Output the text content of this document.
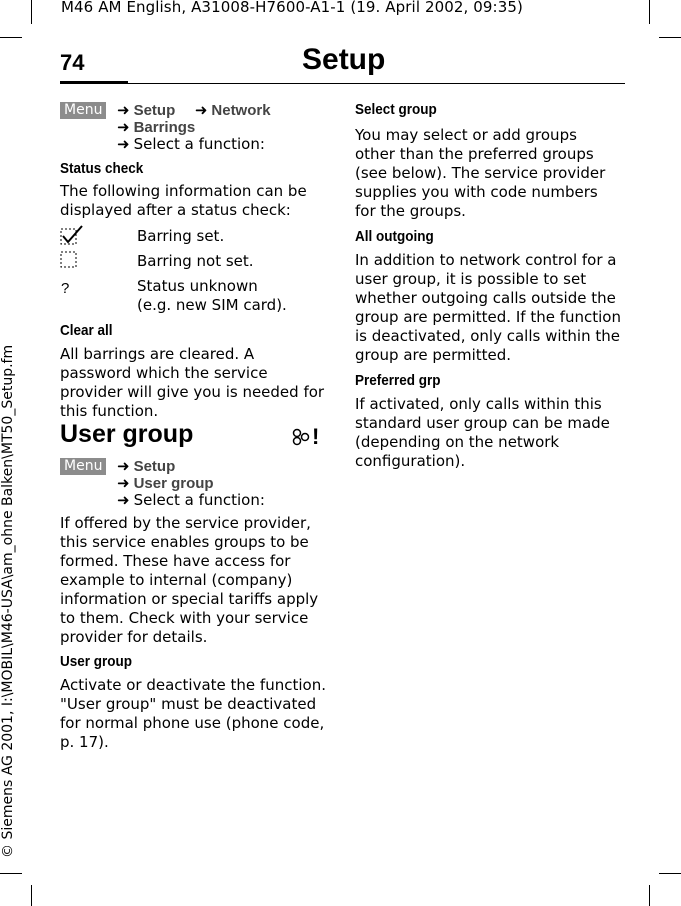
M46 AM English, A31008-H7600-A1-1 (19. April 2002, 09:35)
74	Setup
© Siemens AG 2001, I:\MOBIL\M46-USA\am_ohne Balken\MT50_Setup.fm
Menu ➜ Setup ➜ Network
➜ Barrings
➜ Select a function:
Status check
The following information can be displayed after a status check:
Barring set.
Barring not set.
?	Status unknown
(e.g. new SIM card).
Clear all
All barrings are cleared. A password which the service provider will give you is needed for this function.
User group	!
Menu ➜ Setup
➜ User group
➜ Select a function:
If offered by the service provider, this service enables groups to be formed. These have access for example to internal (company) information or special tariffs apply to them. Check with your service provider for details.
User group
Activate or deactivate the function. "User group" must be deactivated for normal phone use (phone code, p. 17).
Select group
You may select or add groups other than the preferred groups (see below). The service provider supplies you with code numbers for the groups.
All outgoing
In addition to network control for a user group, it is possible to set whether outgoing calls outside the group are permitted. If the function is deactivated, only calls within the group are permitted.
Preferred grp
If activated, only calls within this standard user group can be made (depending on the network configuration).
